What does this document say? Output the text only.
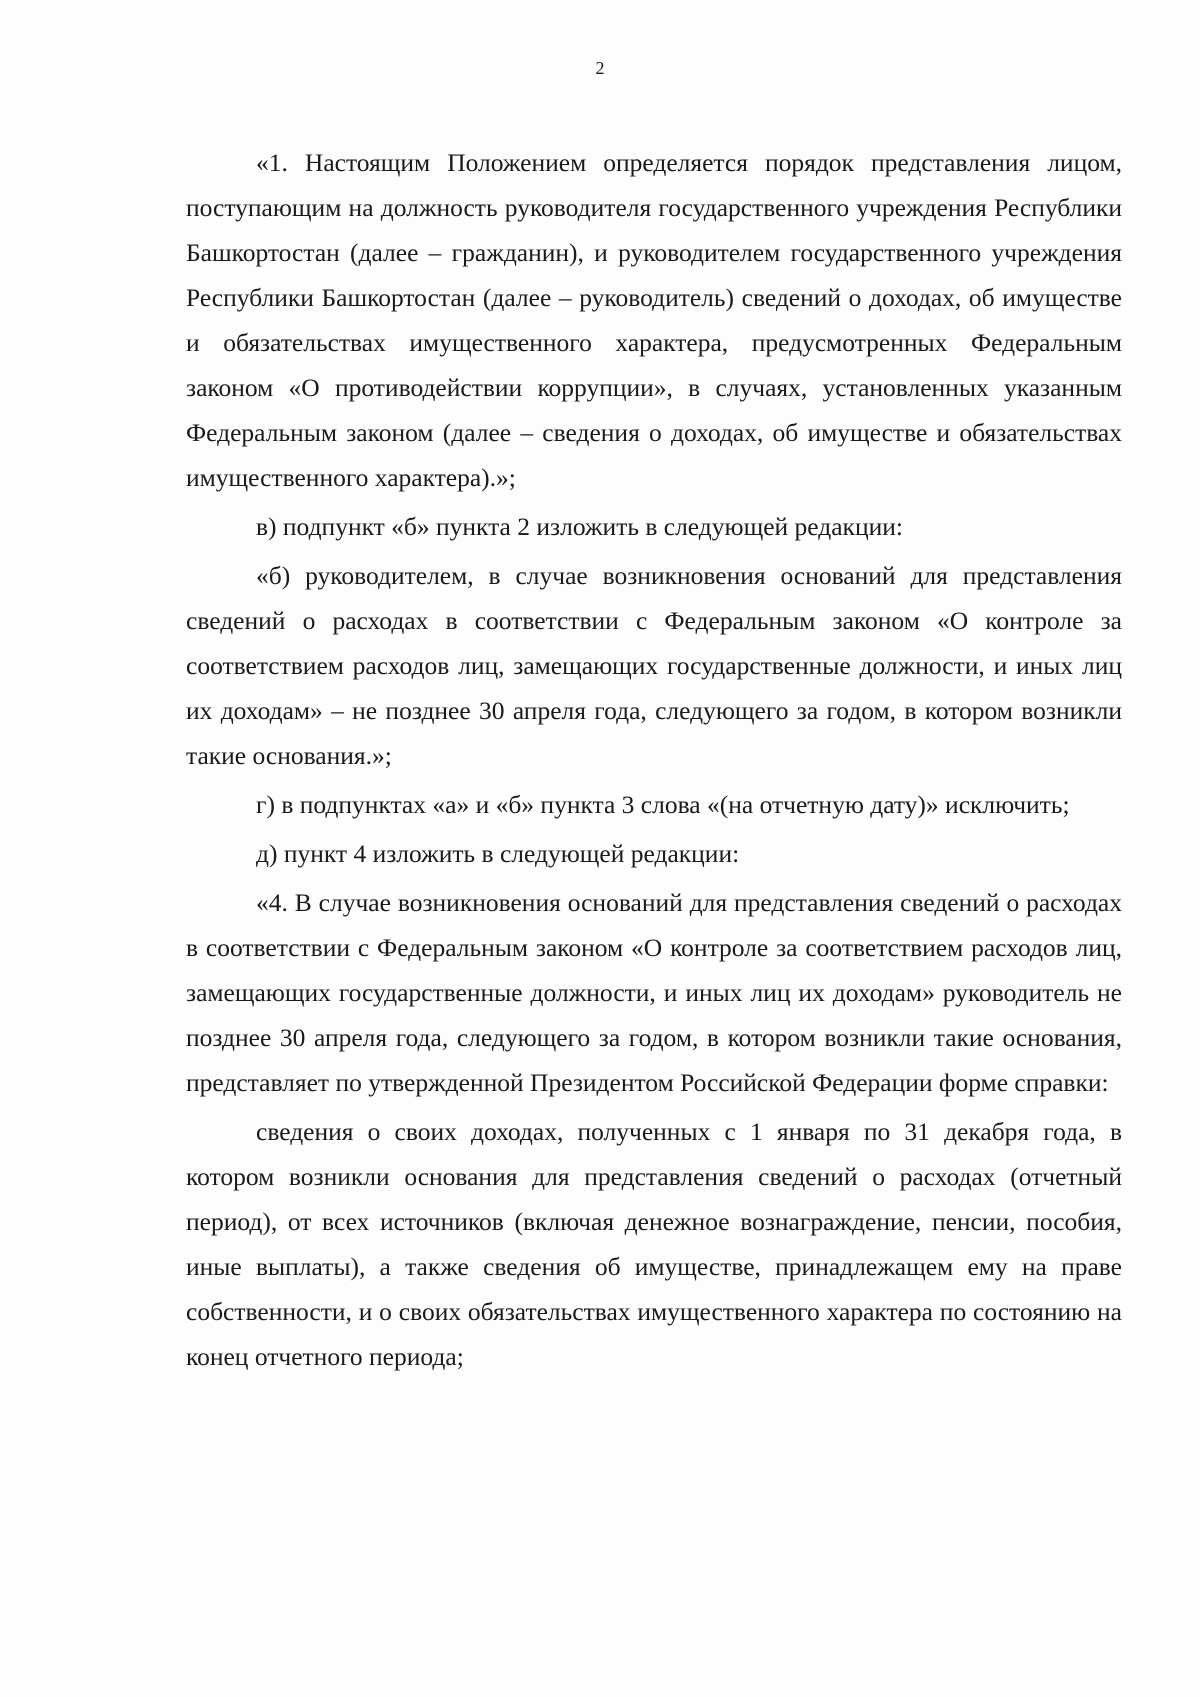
2

«1. Настоящим Положением определяется порядок представления лицом, поступающим на должность руководителя государственного учреждения Республики Башкортостан (далее – гражданин), и руководителем государственного учреждения Республики Башкортостан (далее – руководитель) сведений о доходах, об имуществе и обязательствах имущественного характера, предусмотренных Федеральным законом «О противодействии коррупции», в случаях, установленных указанным Федеральным законом (далее – сведения о доходах, об имуществе и обязательствах имущественного характера).»;

в) подпункт «б» пункта 2 изложить в следующей редакции:

«б) руководителем, в случае возникновения оснований для представления сведений о расходах в соответствии с Федеральным законом «О контроле за соответствием расходов лиц, замещающих государственные должности, и иных лиц их доходам» – не позднее 30 апреля года, следующего за годом, в котором возникли такие основания.»;

г) в подпунктах «а» и «б» пункта 3 слова «(на отчетную дату)» исключить;

д) пункт 4 изложить в следующей редакции:

«4. В случае возникновения оснований для представления сведений о расходах в соответствии с Федеральным законом «О контроле за соответствием расходов лиц, замещающих государственные должности, и иных лиц их доходам» руководитель не позднее 30 апреля года, следующего за годом, в котором возникли такие основания, представляет по утвержденной Президентом Российской Федерации форме справки:

сведения о своих доходах, полученных с 1 января по 31 декабря года, в котором возникли основания для представления сведений о расходах (отчетный период), от всех источников (включая денежное вознаграждение, пенсии, пособия, иные выплаты), а также сведения об имуществе, принадлежащем ему на праве собственности, и о своих обязательствах имущественного характера по состоянию на конец отчетного периода;
